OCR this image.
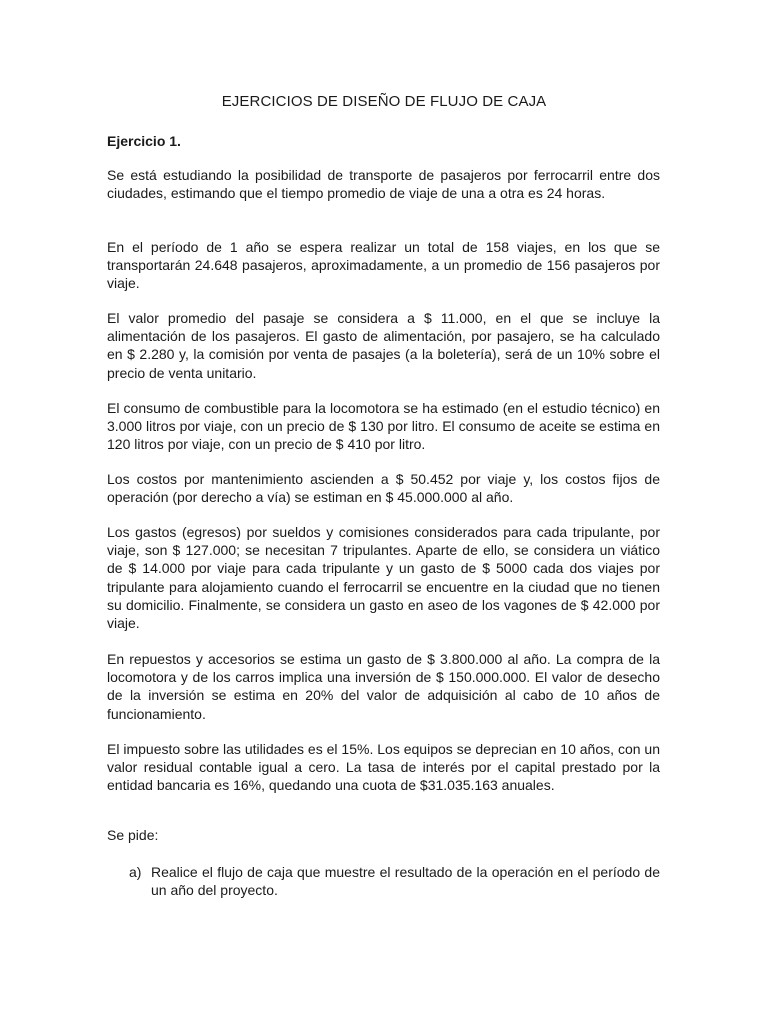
EJERCICIOS DE DISEÑO DE FLUJO DE CAJA
Ejercicio 1.
Se está estudiando la posibilidad de transporte de pasajeros por ferrocarril entre dos ciudades, estimando que el tiempo promedio de viaje de una a otra es 24 horas.
En el período de 1 año se espera realizar un total de 158 viajes, en los que se transportarán 24.648 pasajeros, aproximadamente, a un promedio de 156 pasajeros por viaje.
El valor promedio del pasaje se considera a $ 11.000, en el que se incluye la alimentación de los pasajeros. El gasto de alimentación, por pasajero, se ha calculado en $ 2.280 y, la comisión por venta de pasajes (a la boletería), será de un 10% sobre el precio de venta unitario.
El consumo de combustible para la locomotora se ha estimado (en el estudio técnico) en 3.000 litros por viaje, con un precio de $ 130 por litro. El consumo de aceite se estima en 120 litros por viaje, con un precio de $ 410 por litro.
Los costos por mantenimiento ascienden a $ 50.452 por viaje y, los costos fijos de operación (por derecho a vía) se estiman en $ 45.000.000 al año.
Los gastos (egresos) por sueldos y comisiones considerados para cada tripulante, por viaje, son $ 127.000; se necesitan 7 tripulantes. Aparte de ello, se considera un viático de $ 14.000 por viaje para cada tripulante y un gasto de $ 5000 cada dos viajes por tripulante para alojamiento cuando el ferrocarril se encuentre en la ciudad que no tienen su domicilio. Finalmente, se considera un gasto en aseo de los vagones de $ 42.000 por viaje.
En repuestos y accesorios se estima un gasto de $ 3.800.000 al año. La compra de la locomotora y de los carros implica una inversión de $ 150.000.000. El valor de desecho de la inversión se estima en 20% del valor de adquisición al cabo de 10 años de funcionamiento.
El impuesto sobre las utilidades es el 15%. Los equipos se deprecian en 10 años, con un valor residual contable igual a cero. La tasa de interés por el capital prestado por la entidad bancaria es 16%, quedando una cuota de $31.035.163 anuales.
Se pide:
a) Realice el flujo de caja que muestre el resultado de la operación en el período de un año del proyecto.
